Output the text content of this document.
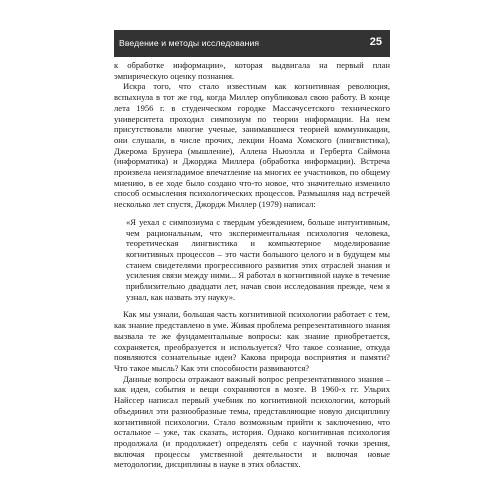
Введение и методы исследования	25

к обработке информации», которая выдвигала на первый план эмпирическую оценку познания.

Искра того, что стало известным как когнитивная революция, вспыхнула в тот же год, когда Миллер опубликовал свою работу. В конце лета 1956 г. в студенческом городке Массачусетского технического университета проходил симпозиум по теории информации. На нем присутствовали многие ученые, занимавшиеся теорией коммуникации, они слушали, в числе прочих, лекции Ноама Хомского (лингвистика), Джерома Брунера (мышление), Аллена Ньюэлла и Герберта Саймона (информатика) и Джорджа Миллера (обработка информации). Встреча произвела неизгладимое впечатление на многих ее участников, по общему мнению, в ее ходе было создано что-то новое, что значительно изменило способ осмысления психологических процессов. Размышляя над встречей несколько лет спустя, Джордж Миллер (1979) написал:

«Я уехал с симпозиума с твердым убеждением, больше интуитивным, чем рациональным, что экспериментальная психология человека, теоретическая лингвистика и компьютерное моделирование когнитивных процессов – это части большого целого и в будущем мы станем свидетелями прогрессивного развития этих отраслей знания и усиления связи между ними... Я работал в когнитивной науке в течение приблизительно двадцати лет, начав свои исследования прежде, чем я узнал, как назвать эту науку».

Как мы узнали, большая часть когнитивной психологии работает с тем, как знание представлено в уме. Живая проблема репрезентативного знания вызвала те же фундаментальные вопросы: как знание приобретается, сохраняется, преобразуется и используется? Что такое сознание, откуда появляются сознательные идеи? Какова природа восприятия и памяти? Что такое мысль? Как эти способности развиваются?

Данные вопросы отражают важный вопрос репрезентативного знания – как идеи, события и вещи сохраняются в мозге. В 1960-х гг. Ульрих Найссер написал первый учебник по когнитивной психологии, который объединил эти разнообразные темы, представляющие новую дисциплину когнитивной психологии. Стало возможным прийти к заключению, что остальное – уже, так сказать, история. Однако когнитивная психология продолжала (и продолжает) определять себя с научной точки зрения, включая процессы умственной деятельности и включая новые методологии, дисциплины в науке в этих областях.
